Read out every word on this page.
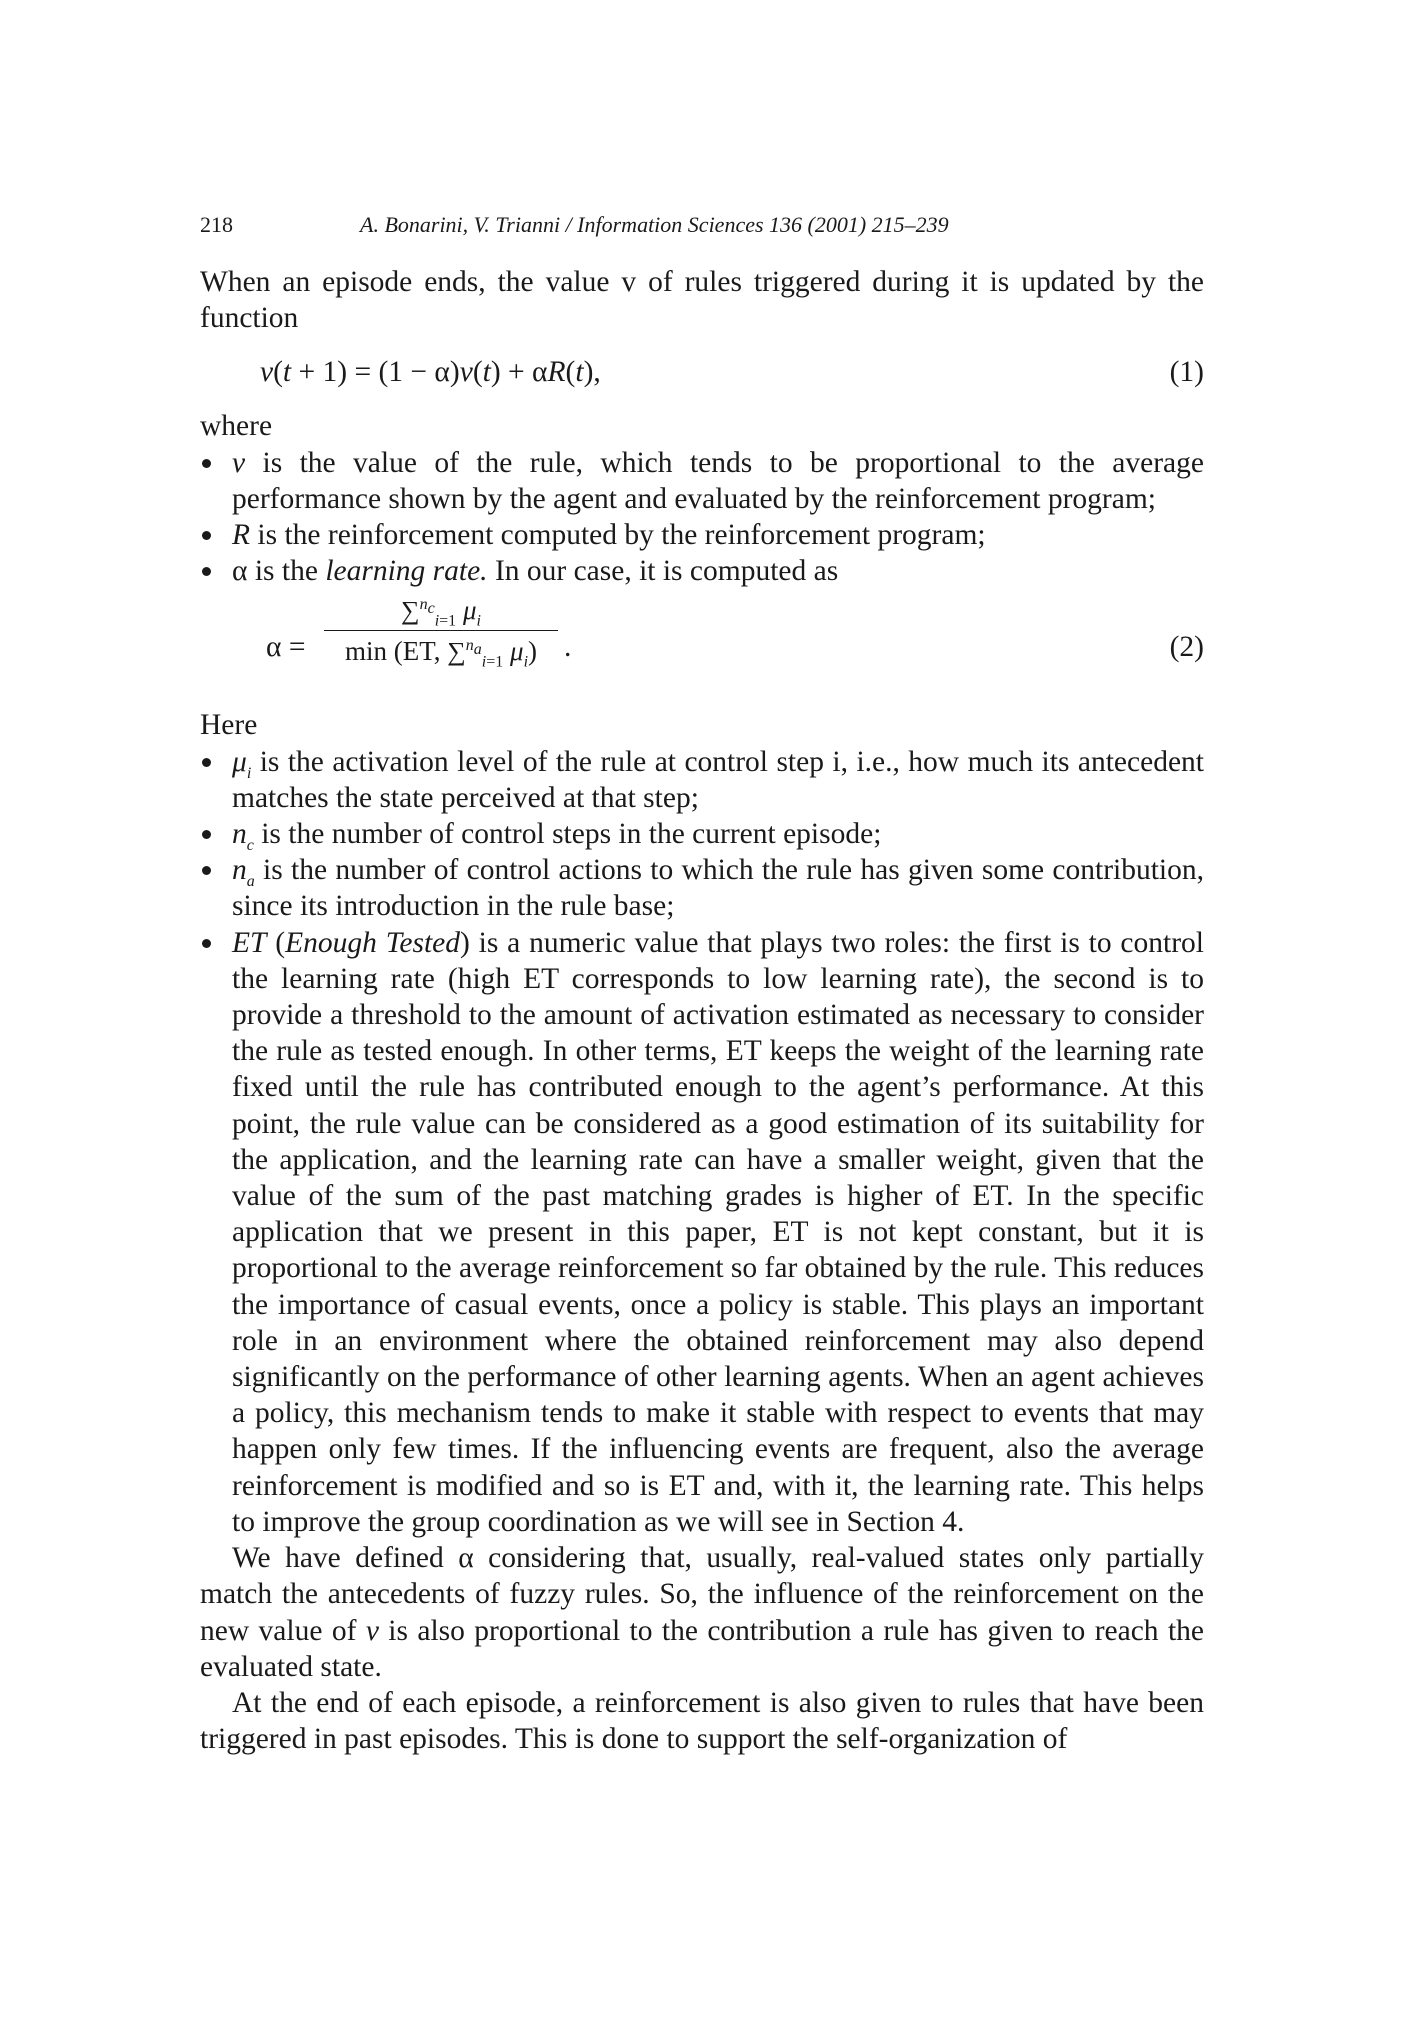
218	A. Bonarini, V. Trianni / Information Sciences 136 (2001) 215–239

When an episode ends, the value v of rules triggered during it is updated by the function

v(t + 1) = (1 − α)v(t) + αR(t),	(1)

where

v is the value of the rule, which tends to be proportional to the average performance shown by the agent and evaluated by the reinforcement program;
R is the reinforcement computed by the reinforcement program;
α is the learning rate. In our case, it is computed as
α =
∑$^{n_c}_{i=1}$ $\mu_i$
min (ET, ∑$^{n_a}_{i=1}$ $\mu_i$) .	(2)

Here

$\mu_i$ is the activation level of the rule at control step i, i.e., how much its antecedent matches the state perceived at that step;
$n_c$ is the number of control steps in the current episode;
$n_a$ is the number of control actions to which the rule has given some contribution, since its introduction in the rule base;
ET (Enough Tested) is a numeric value that plays two roles: the first is to control the learning rate (high ET corresponds to low learning rate), the second is to provide a threshold to the amount of activation estimated as necessary to consider the rule as tested enough. In other terms, ET keeps the weight of the learning rate fixed until the rule has contributed enough to the agent’s performance. At this point, the rule value can be considered as a good estimation of its suitability for the application, and the learning rate can have a smaller weight, given that the value of the sum of the past matching grades is higher of ET. In the specific application that we present in this paper, ET is not kept constant, but it is proportional to the average reinforcement so far obtained by the rule. This reduces the importance of casual events, once a policy is stable. This plays an important role in an environment where the obtained reinforcement may also depend significantly on the performance of other learning agents. When an agent achieves a policy, this mechanism tends to make it stable with respect to events that may happen only few times. If the influencing events are frequent, also the average reinforcement is modified and so is ET and, with it, the learning rate. This helps to improve the group coordination as we will see in Section 4.

We have defined α considering that, usually, real-valued states only partially match the antecedents of fuzzy rules. So, the influence of the reinforcement on the new value of v is also proportional to the contribution a rule has given to reach the evaluated state.

At the end of each episode, a reinforcement is also given to rules that have been triggered in past episodes. This is done to support the self-organization of
